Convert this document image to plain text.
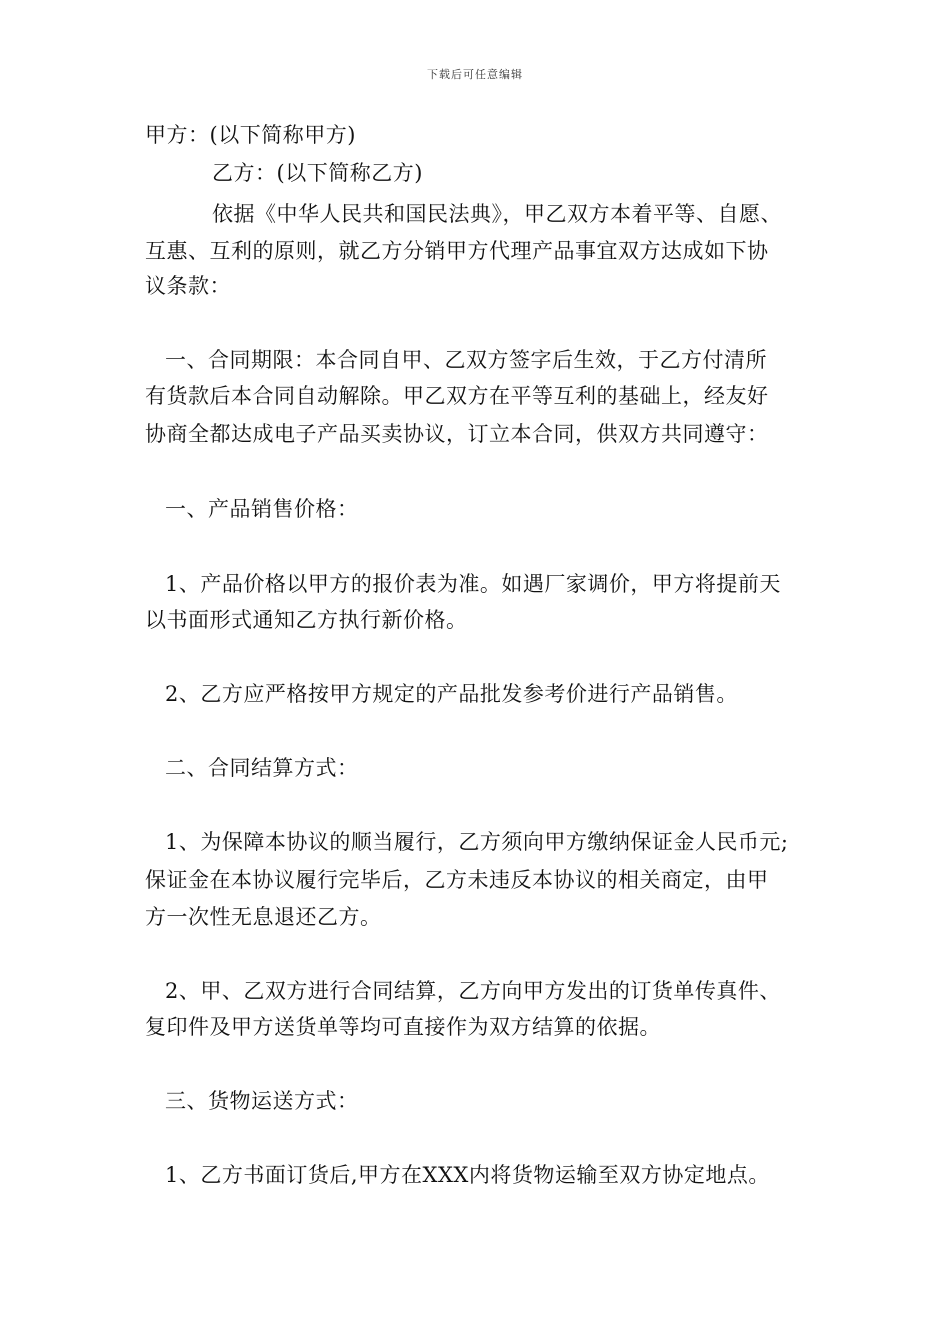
下载后可任意编辑
甲方：(以下简称甲方)
乙方：(以下简称乙方)
依据《中华人民共和国民法典》，甲乙双方本着平等、自愿、
互惠、互利的原则，就乙方分销甲方代理产品事宜双方达成如下协
议条款：
一、合同期限：本合同自甲、乙双方签字后生效，于乙方付清所
有货款后本合同自动解除。甲乙双方在平等互利的基础上，经友好
协商全都达成电子产品买卖协议，订立本合同，供双方共同遵守：
一、产品销售价格：
1、产品价格以甲方的报价表为准。如遇厂家调价，甲方将提前天
以书面形式通知乙方执行新价格。
2、乙方应严格按甲方规定的产品批发参考价进行产品销售。
二、合同结算方式：
1、为保障本协议的顺当履行，乙方须向甲方缴纳保证金人民币元;
保证金在本协议履行完毕后，乙方未违反本协议的相关商定，由甲
方一次性无息退还乙方。
2、甲、乙双方进行合同结算，乙方向甲方发出的订货单传真件、
复印件及甲方送货单等均可直接作为双方结算的依据。
三、货物运送方式：
1、乙方书面订货后,甲方在XXX内将货物运输至双方协定地点。
